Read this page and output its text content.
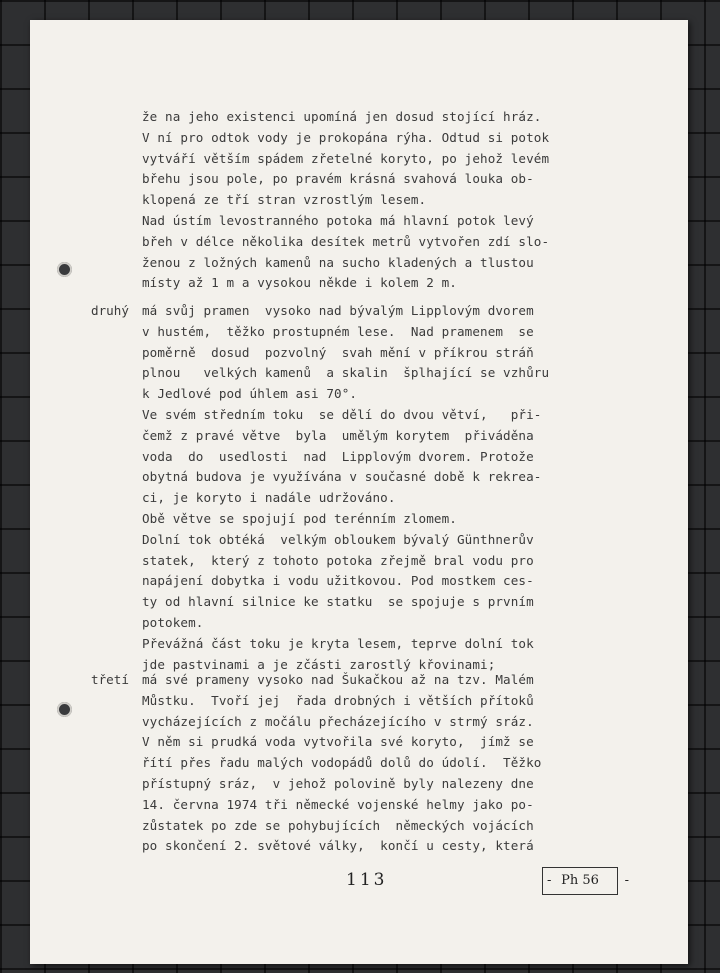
že na jeho existenci upomíná jen dosud stojící hráz.
V ní pro odtok vody je prokopána rýha. Odtud si potok
vytváří větším spádem zřetelné koryto, po jehož levém
břehu jsou pole, po pravém krásná svahová louka ob-
klopená ze tří stran vzrostlým lesem.
Nad ústím levostranného potoka má hlavní potok levý
břeh v délce několika desítek metrů vytvořen zdí slo-
ženou z ložných kamenů na sucho kladených a tlustou
místy až 1 m a vysokou někde i kolem 2 m.
má svůj pramen  vysoko nad bývalým Lipplovým dvorem
v hustém,  těžko prostupném lese.  Nad pramenem  se
poměrně  dosud  pozvolný  svah mění v příkrou stráň
plnou   velkých kamenů  a skalin  šplhající se vzhůru
k Jedlové pod úhlem asi 70°.
Ve svém středním toku  se dělí do dvou větví,   při-
čemž z pravé větve  byla  umělým korytem  přiváděna
voda  do  usedlosti  nad  Lipplovým dvorem. Protože
obytná budova je využívána v současné době k rekrea-
ci, je koryto i nadále udržováno.
Obě větve se spojují pod terénním zlomem.
Dolní tok obtéká  velkým obloukem bývalý Günthnerův
statek,  který z tohoto potoka zřejmě bral vodu pro
napájení dobytka i vodu užitkovou. Pod mostkem ces-
ty od hlavní silnice ke statku  se spojuje s prvním
potokem.
Převážná část toku je kryta lesem, teprve dolní tok
jde pastvinami a je zčásti zarostlý křovinami;
má své prameny vysoko nad Šukačkou až na tzv. Malém
Můstku.  Tvoří jej  řada drobných i větších přítoků
vycházejících z močálu přecházejícího v strmý sráz.
V něm si prudká voda vytvořila své koryto,  jímž se
řítí přes řadu malých vodopádů dolů do údolí.  Těžko
přístupný sráz,  v jehož polovině byly nalezeny dne
14. června 1974 tři německé vojenské helmy jako po-
zůstatek po zde se pohybujících  německých vojácích
po skončení 2. světové války,  končí u cesty, která
druhý
třetí
113
-	Ph 56 -
